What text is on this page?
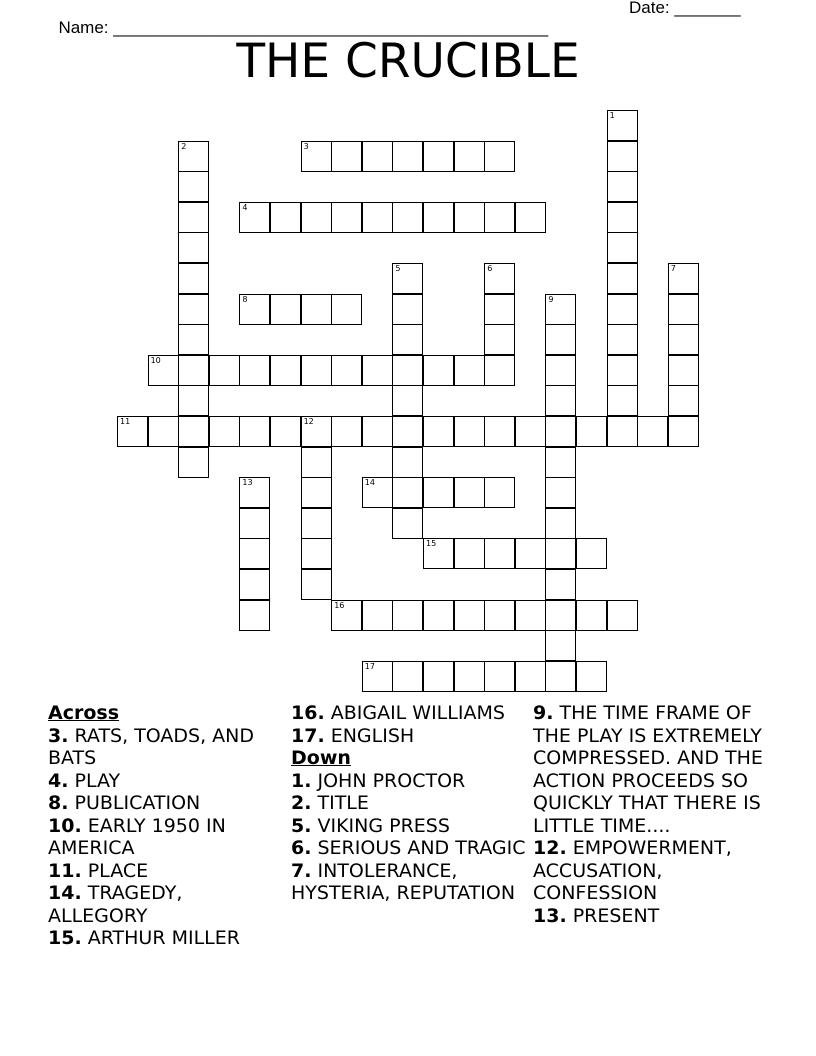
Name: ______________________________________________

Date: _______

THE CRUCIBLE
1
2	3
4
5	6	7
8	9
10
11	12
13	14
15
16
17
Across

3. RATS, TOADS, AND BATS

4. PLAY

8. PUBLICATION

10. EARLY 1950 IN AMERICA

11. PLACE

14. TRAGEDY, ALLEGORY

15. ARTHUR MILLER

16. ABIGAIL WILLIAMS

17. ENGLISH

Down

1. JOHN PROCTOR

2. TITLE

5. VIKING PRESS

6. SERIOUS AND TRAGIC

7. INTOLERANCE, HYSTERIA, REPUTATION

9. THE TIME FRAME OF THE PLAY IS EXTREMELY COMPRESSED. AND THE ACTION PROCEEDS SO QUICKLY THAT THERE IS LITTLE TIME....

12. EMPOWERMENT, ACCUSATION, CONFESSION

13. PRESENT
